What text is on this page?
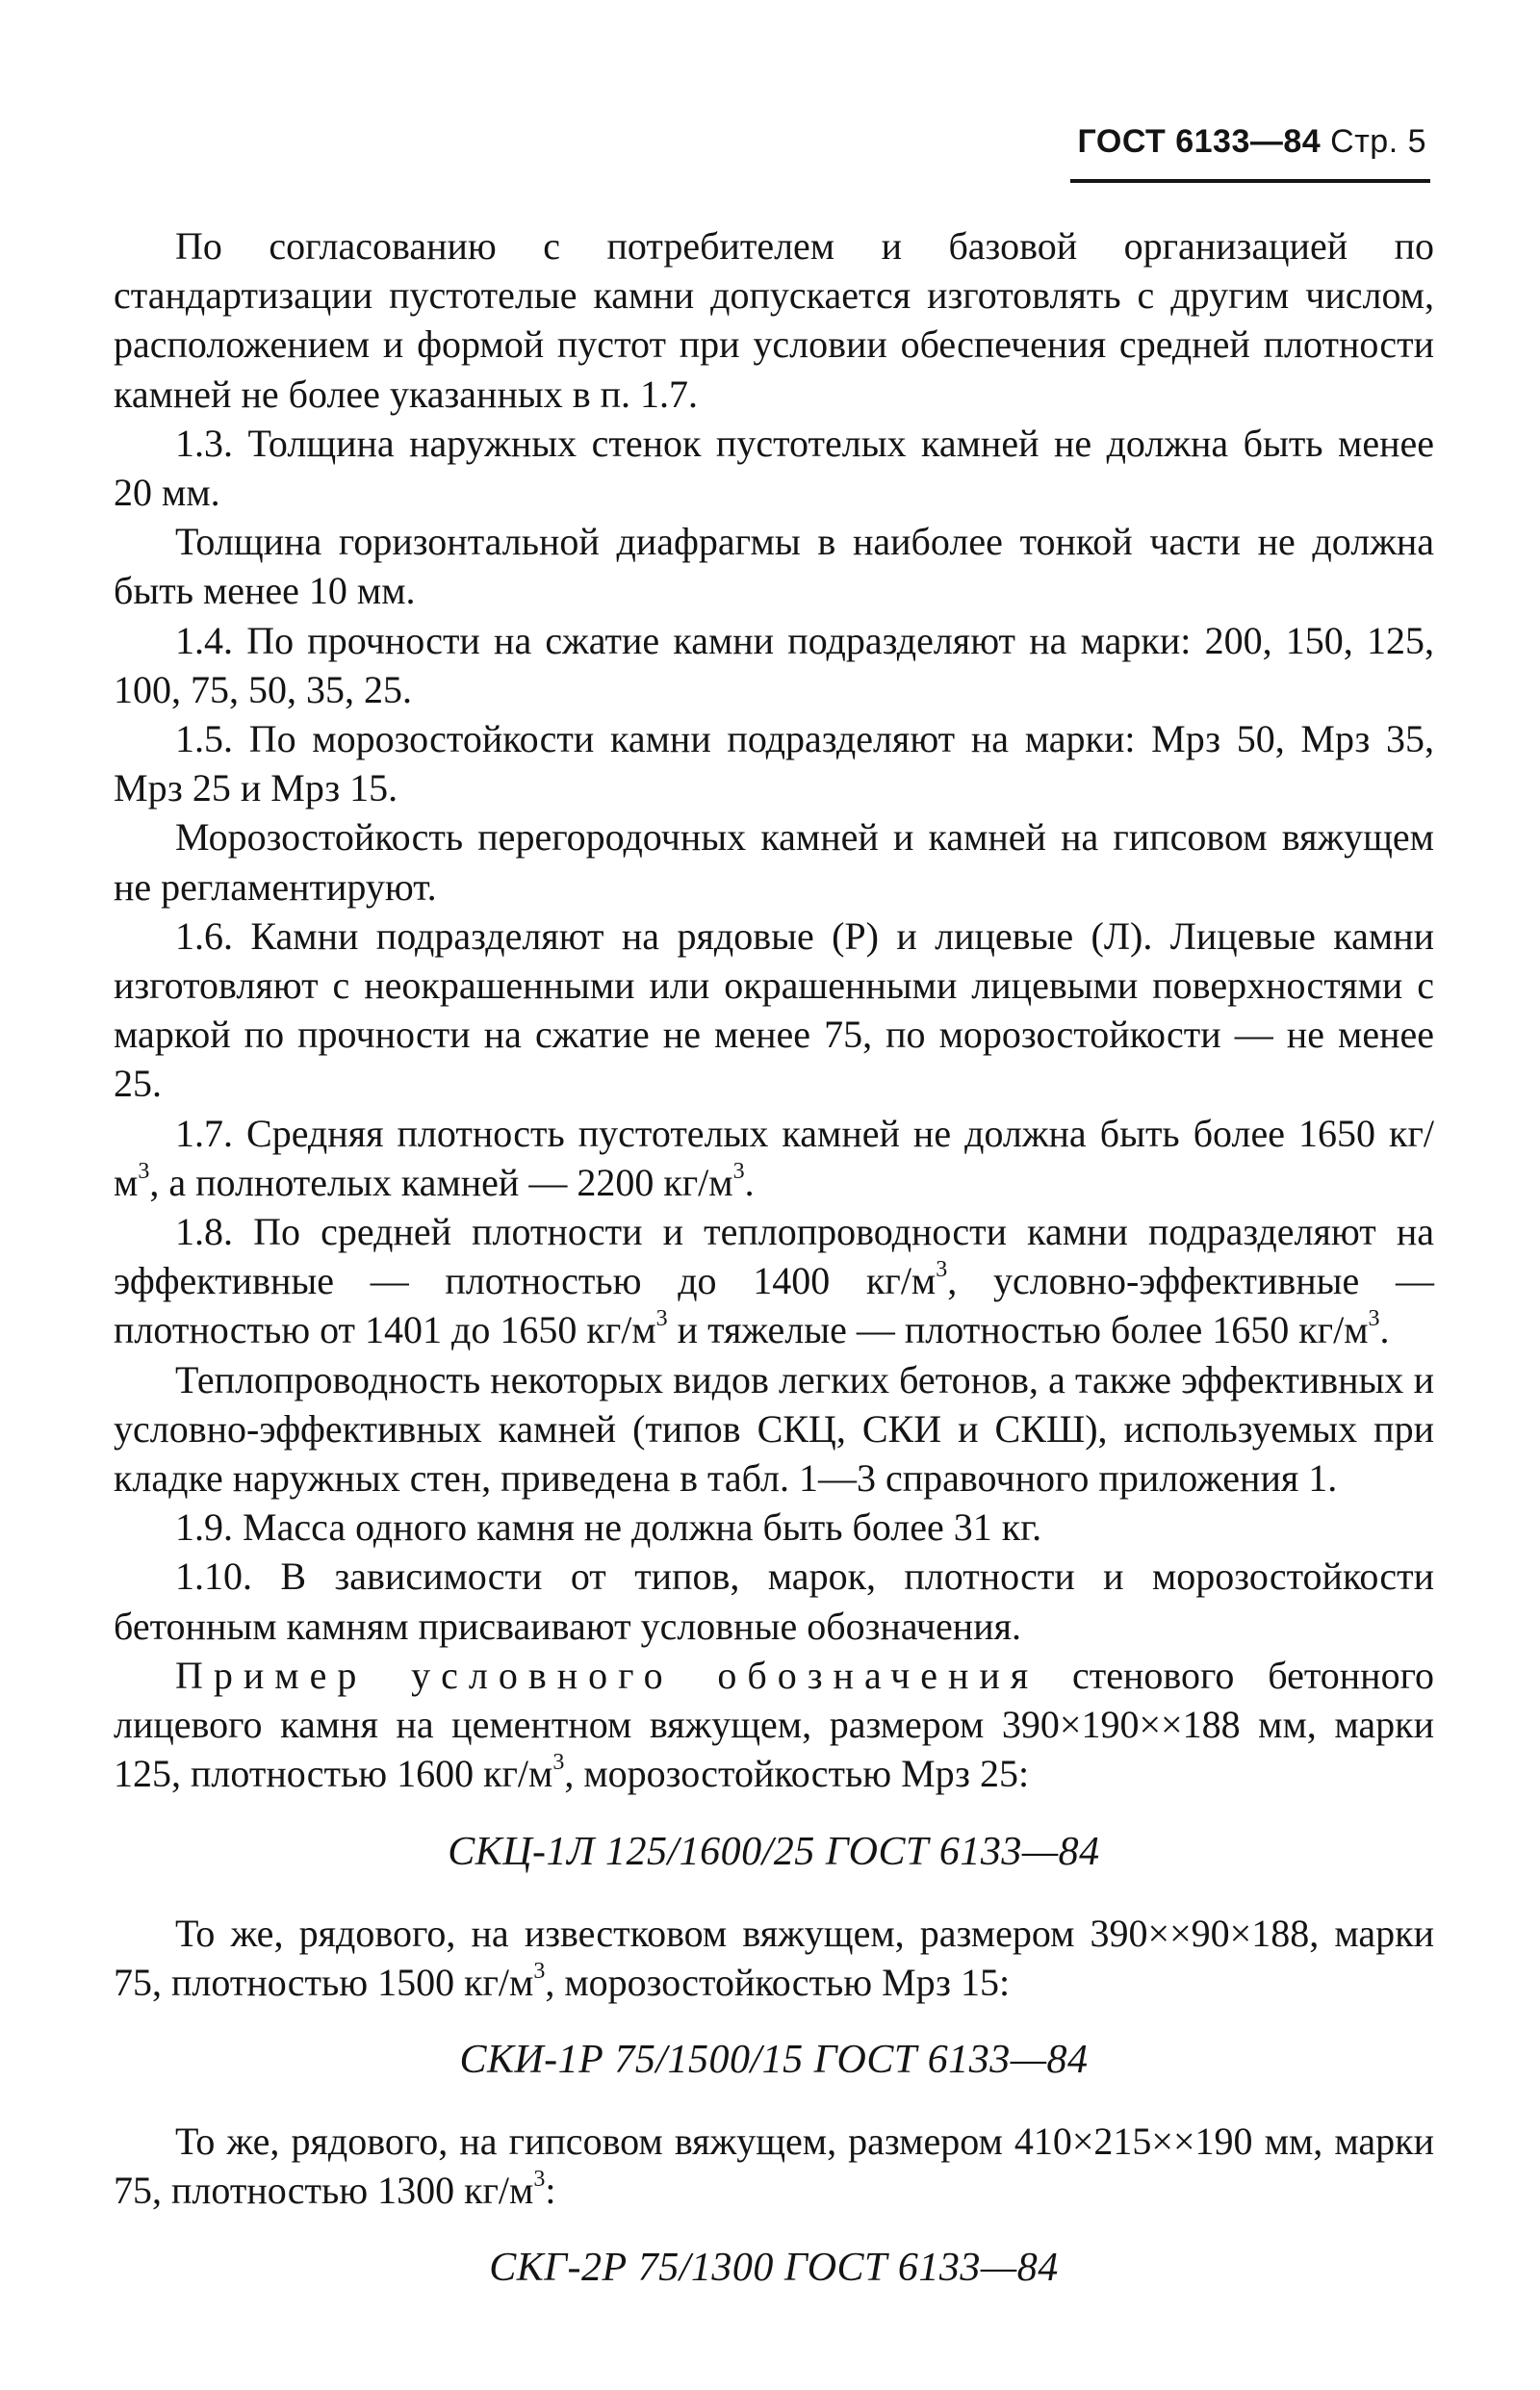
ГОСТ 6133—84 Стр. 5

По согласованию с потребителем и базовой организацией по стандартизации пустотелые камни допускается изготовлять с другим числом, расположением и формой пустот при условии обеспечения средней плотности камней не более указанных в п. 1.7.

1.3. Толщина наружных стенок пустотелых камней не должна быть менее 20 мм.

Толщина горизонтальной диафрагмы в наиболее тонкой части не должна быть менее 10 мм.

1.4. По прочности на сжатие камни подразделяют на марки: 200, 150, 125, 100, 75, 50, 35, 25.

1.5. По морозостойкости камни подразделяют на марки: Мрз 50, Мрз 35, Мрз 25 и Мрз 15.

Морозостойкость перегородочных камней и камней на гипсовом вяжущем не регламентируют.

1.6. Камни подразделяют на рядовые (Р) и лицевые (Л). Лицевые камни изготовляют с неокрашенными или окрашенными лицевыми поверхностями с маркой по прочности на сжатие не менее 75, по морозостойкости — не менее 25.

1.7. Средняя плотность пустотелых камней не должна быть более 1650 $кг/м^3$, а полнотелых камней — 2200 $кг/м^3$.

1.8. По средней плотности и теплопроводности камни подразделяют на эффективные — плотностью до 1400 $кг/м^3$, условно-эффективные — плотностью от 1401 до 1650 $кг/м^3$ и тяжелые — плотностью более 1650 $кг/м^3$.

Теплопроводность некоторых видов легких бетонов, а также эффективных и условно-эффективных камней (типов СКЦ, СКИ и СКШ), используемых при кладке наружных стен, приведена в табл. 1—3 справочного приложения 1.

1.9. Масса одного камня не должна быть более 31 кг.

1.10. В зависимости от типов, марок, плотности и морозостойкости бетонным камням присваивают условные обозначения.

Пример условного обозначения стенового бетонного лицевого камня на цементном вяжущем, размером 390×190××188 мм, марки 125, плотностью 1600 $кг/м^3$, морозостойкостью Мрз 25:

СКЦ-1Л 125/1600/25 ГОСТ 6133—84

То же, рядового, на известковом вяжущем, размером 390××90×188, марки 75, плотностью 1500 $кг/м^3$, морозостойкостью Мрз 15:

СКИ-1Р 75/1500/15 ГОСТ 6133—84

То же, рядового, на гипсовом вяжущем, размером 410×215××190 мм, марки 75, плотностью 1300 $кг/м^3$:

СКГ-2Р 75/1300 ГОСТ 6133—84
